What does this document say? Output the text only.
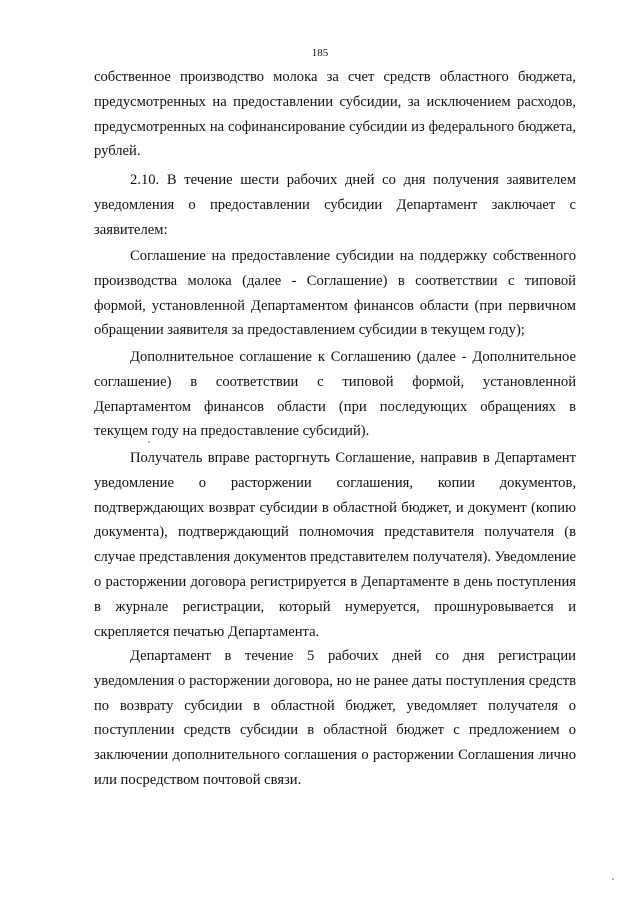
185

собственное производство молока за счет средств областного бюджета, предусмотренных на предоставлении субсидии, за исключением расходов, предусмотренных на софинансирование субсидии из федерального бюджета, рублей.

2.10. В течение шести рабочих дней со дня получения заявителем уведомления о предоставлении субсидии Департамент заключает с заявителем:

Соглашение на предоставление субсидии на поддержку собственного производства молока (далее - Соглашение) в соответствии с типовой формой, установленной Департаментом финансов области (при первичном обращении заявителя за предоставлением субсидии в текущем году);

Дополнительное соглашение к Соглашению (далее - Дополнительное соглашение) в соответствии с типовой формой, установленной Департаментом финансов области (при последующих обращениях в текущем году на предоставление субсидий).

Получатель вправе расторгнуть Соглашение, направив в Департамент уведомление о расторжении соглашения, копии документов, подтверждающих возврат субсидии в областной бюджет, и документ (копию документа), подтверждающий полномочия представителя получателя (в случае представления документов представителем получателя). Уведомление о расторжении договора регистрируется в Департаменте в день поступления в журнале регистрации, который нумеруется, прошнуровывается и скрепляется печатью Департамента.

Департамент в течение 5 рабочих дней со дня регистрации уведомления о расторжении договора, но не ранее даты поступления средств по возврату субсидии в областной бюджет, уведомляет получателя о поступлении средств субсидии в областной бюджет с предложением о заключении дополнительного соглашения о расторжении Соглашения лично или посредством почтовой связи.
